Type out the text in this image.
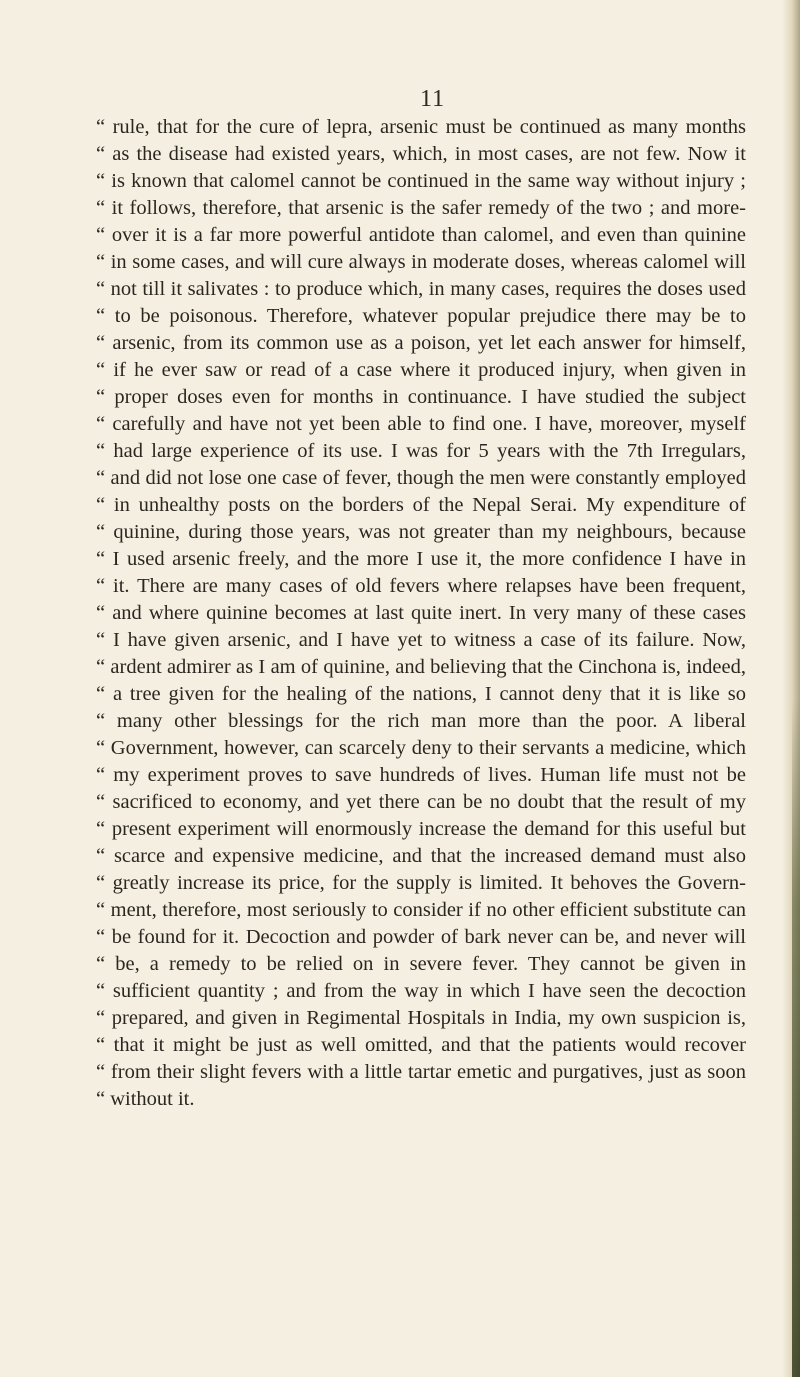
11
“ rule, that for the cure of lepra, arsenic must be continued as many months
“ as the disease had existed years, which, in most cases, are not few. Now it
“ is known that calomel cannot be continued in the same way without injury ;
“ it follows, therefore, that arsenic is the safer remedy of the two ; and more-
“ over it is a far more powerful antidote than calomel, and even than quinine
“ in some cases, and will cure always in moderate doses, whereas calomel will
“ not till it salivates : to produce which, in many cases, requires the doses used
“ to be poisonous. Therefore, whatever popular prejudice there may be to
“ arsenic, from its common use as a poison, yet let each answer for himself,
“ if he ever saw or read of a case where it produced injury, when given in
“ proper doses even for months in continuance. I have studied the subject
“ carefully and have not yet been able to find one. I have, moreover, myself
“ had large experience of its use. I was for 5 years with the 7th Irregulars,
“ and did not lose one case of fever, though the men were constantly employed
“ in unhealthy posts on the borders of the Nepal Serai. My expenditure of
“ quinine, during those years, was not greater than my neighbours, because
“ I used arsenic freely, and the more I use it, the more confidence I have in
“ it. There are many cases of old fevers where relapses have been frequent,
“ and where quinine becomes at last quite inert. In very many of these cases
“ I have given arsenic, and I have yet to witness a case of its failure. Now,
“ ardent admirer as I am of quinine, and believing that the Cinchona is, indeed,
“ a tree given for the healing of the nations, I cannot deny that it is like so
“ many other blessings for the rich man more than the poor. A liberal
“ Government, however, can scarcely deny to their servants a medicine, which
“ my experiment proves to save hundreds of lives. Human life must not be
“ sacrificed to economy, and yet there can be no doubt that the result of my
“ present experiment will enormously increase the demand for this useful but
“ scarce and expensive medicine, and that the increased demand must also
“ greatly increase its price, for the supply is limited. It behoves the Govern-
“ ment, therefore, most seriously to consider if no other efficient substitute can
“ be found for it. Decoction and powder of bark never can be, and never will
“ be, a remedy to be relied on in severe fever. They cannot be given in
“ sufficient quantity ; and from the way in which I have seen the decoction
“ prepared, and given in Regimental Hospitals in India, my own suspicion is,
“ that it might be just as well omitted, and that the patients would recover
“ from their slight fevers with a little tartar emetic and purgatives, just as soon
“ without it.
